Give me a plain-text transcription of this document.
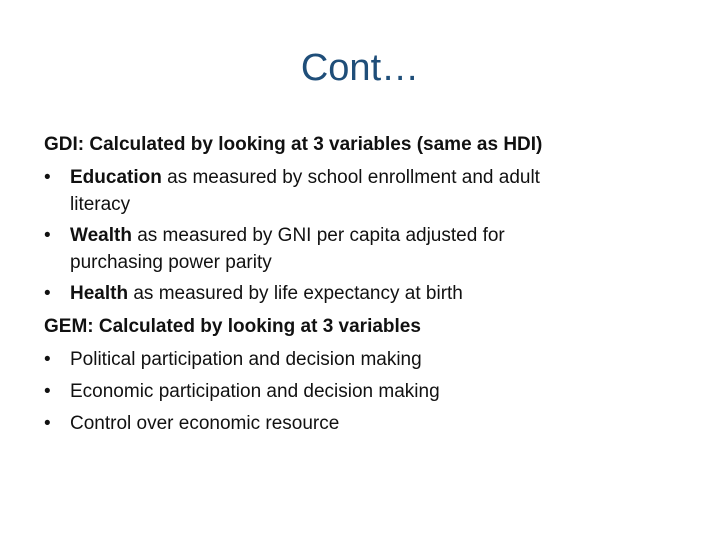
Cont…

GDI: Calculated by looking at 3 variables (same as HDI)

•
Education as measured by school enrollment and adult
literacy
•
Wealth as measured by GNI per capita adjusted for
purchasing power parity
•
Health as measured by life expectancy at birth

GEM: Calculated by looking at 3 variables

•
Political participation and decision making
•
Economic participation and decision making
•
Control over economic resource
